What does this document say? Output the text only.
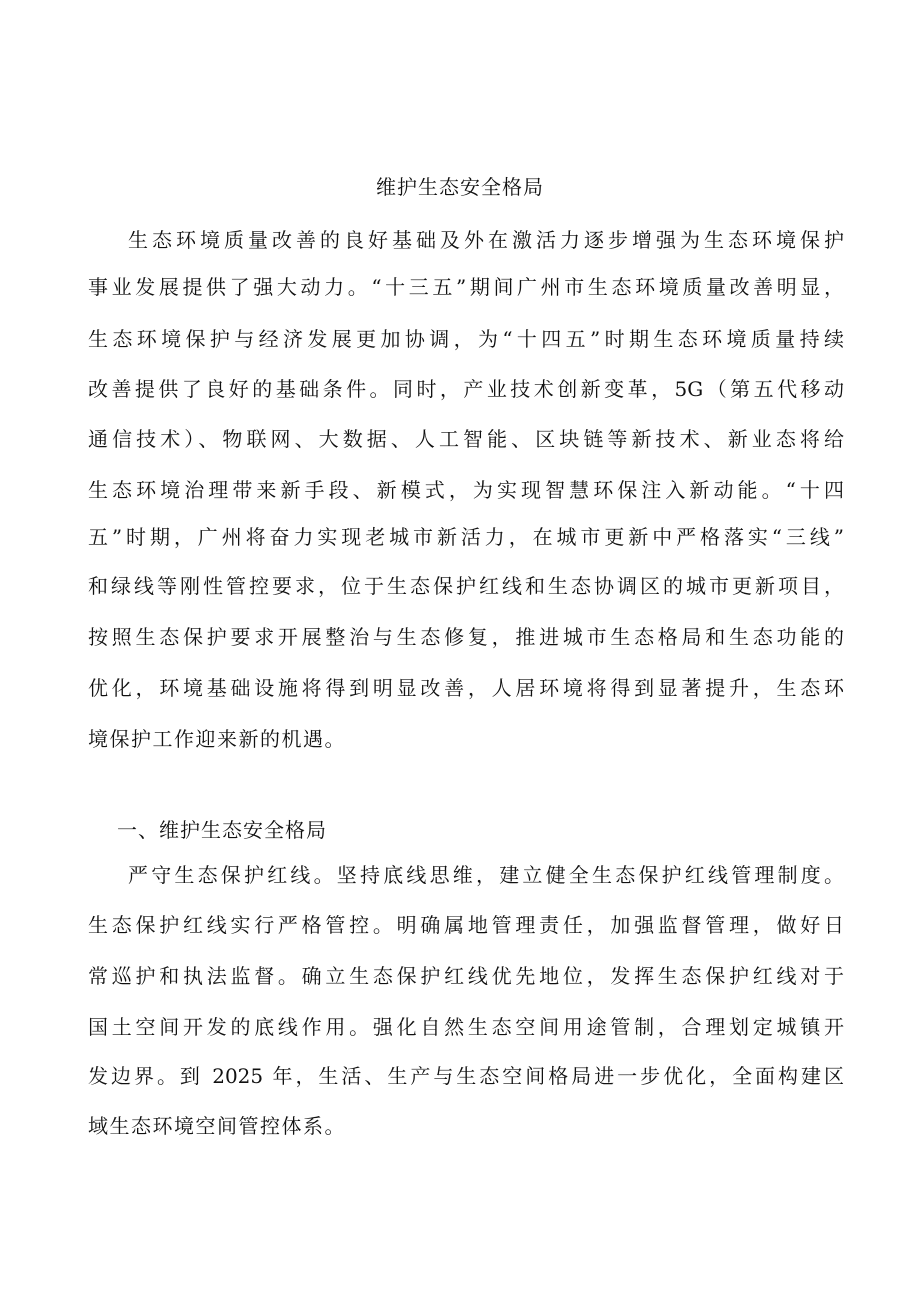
维护生态安全格局
生态环境质量改善的良好基础及外在激活力逐步增强为生态环境保护
事业发展提供了强大动力。“十三五”期间广州市生态环境质量改善明显，
生态环境保护与经济发展更加协调，为“十四五”时期生态环境质量持续
改善提供了良好的基础条件。同时，产业技术创新变革，5G（第五代移动
通信技术）、物联网、大数据、人工智能、区块链等新技术、新业态将给
生态环境治理带来新手段、新模式，为实现智慧环保注入新动能。“十四
五”时期，广州将奋力实现老城市新活力，在城市更新中严格落实“三线”
和绿线等刚性管控要求，位于生态保护红线和生态协调区的城市更新项目，
按照生态保护要求开展整治与生态修复，推进城市生态格局和生态功能的
优化，环境基础设施将得到明显改善，人居环境将得到显著提升，生态环
境保护工作迎来新的机遇。
一、维护生态安全格局
严守生态保护红线。坚持底线思维，建立健全生态保护红线管理制度。
生态保护红线实行严格管控。明确属地管理责任，加强监督管理，做好日
常巡护和执法监督。确立生态保护红线优先地位，发挥生态保护红线对于
国土空间开发的底线作用。强化自然生态空间用途管制，合理划定城镇开
发边界。到 2025 年，生活、生产与生态空间格局进一步优化，全面构建区
域生态环境空间管控体系。
